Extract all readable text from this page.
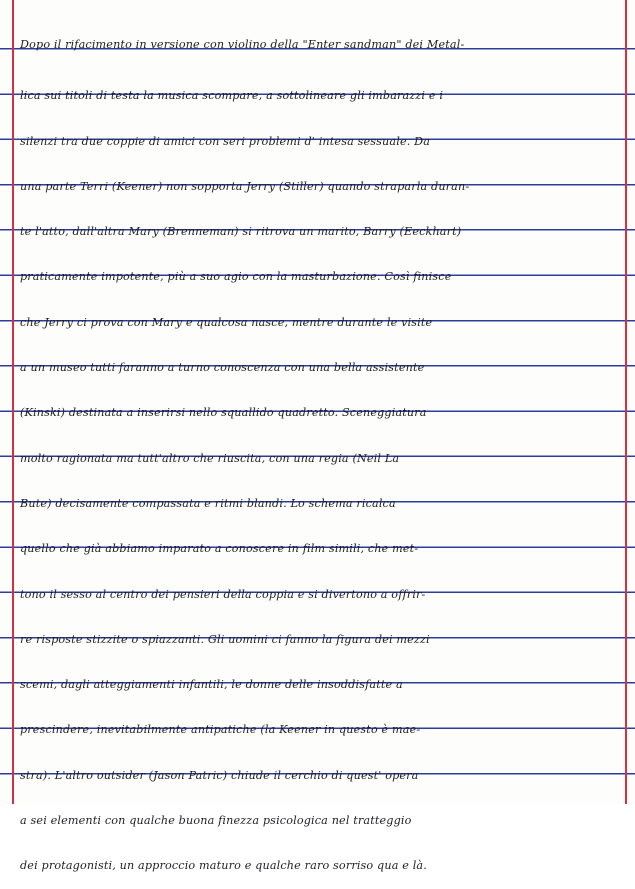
Dopo il rifacimento in versione con violino della "Enter sandman" dei Metal-
lica sui titoli di testa la musica scompare, a sottolineare gli imbarazzi e i
silenzi tra due coppie di amici con seri problemi d' intesa sessuale. Da
una parte Terri (Keener) non sopporta Jerry (Stiller) quando straparla duran-
te l'atto, dall'altra Mary (Brenneman) si ritrova un marito, Barry (Eeckhart)
praticamente impotente, più a suo agio con la masturbazione. Così finisce
che Jerry ci prova con Mary e qualcosa nasce, mentre durante le visite
a un museo tutti faranno a turno conoscenza con una bella assistente
(Kinski) destinata a inserirsi nello squallido quadretto. Sceneggiatura
molto ragionata ma tutt'altro che riuscita, con una regia (Neil La
Bute) decisamente compassata e ritmi blandi. Lo schema ricalca
quello che già abbiamo imparato a conoscere in film simili, che met-
tono il sesso al centro dei pensieri della coppia e si divertono a offrir-
re risposte stizzite o spiazzanti. Gli uomini ci fanno la figura dei mezzi
scemi, dagli atteggiamenti infantili, le donne delle insoddisfatte a
prescindere, inevitabilmente antipatiche (la Keener in questo è mae-
stra). L'altro outsider (Jason Patric) chiude il cerchio di quest' opera
a sei elementi con qualche buona finezza psicologica nel tratteggio
dei protagonisti, un approccio maturo e qualche raro sorriso qua e là.
